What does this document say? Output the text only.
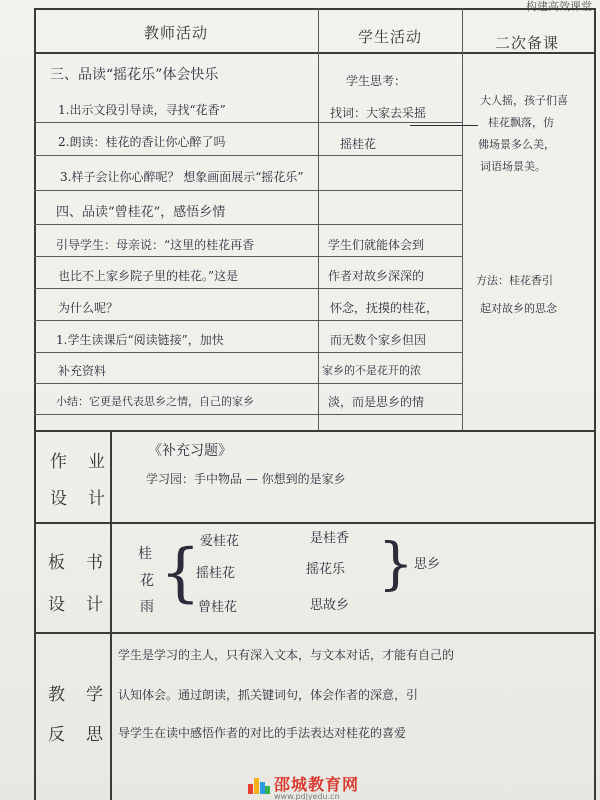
构建高效课堂
教师活动	学生活动	二次备课
三、品读“摇花乐”体会快乐
1.出示文段引导读，寻找“花香”
2.朗读：桂花的香让你心醉了吗
3.样子会让你心醉呢？ 想象画面展示“摇花乐”
四、品读“曾桂花”，感悟乡情
引导学生：母亲说：“这里的桂花再香
也比不上家乡院子里的桂花。”这是
为什么呢？
1.学生读课后“阅读链接”，加快
补充资料
小结：它更是代表思乡之情，自己的家乡
学生思考：
找词：大家去采摇
摇桂花
学生们就能体会到
作者对故乡深深的
怀念，抚摸的桂花，
而无数个家乡但因
家乡的不是花开的浓
淡，而是思乡的情
大人摇，孩子们喜
桂花飘落，仿
佛场景多么美，
词语场景美。
方法：桂花香引
起对故乡的思念
作　业
设　计
《补充习题》
学习园：手中物品 — 你想到的是家乡
板　书
设　计
桂
花
雨 { 爱桂花
摇桂花
曾桂花
是桂香
摇花乐
思故乡
} 思乡
教　学
反　思
学生是学习的主人，只有深入文本，与文本对话，才能有自己的
认知体会。通过朗读，抓关键词句，体会作者的深意，引
导学生在读中感悟作者的对比的手法表达对桂花的喜爱
邵城教育网
www.pdjyedu.cn
